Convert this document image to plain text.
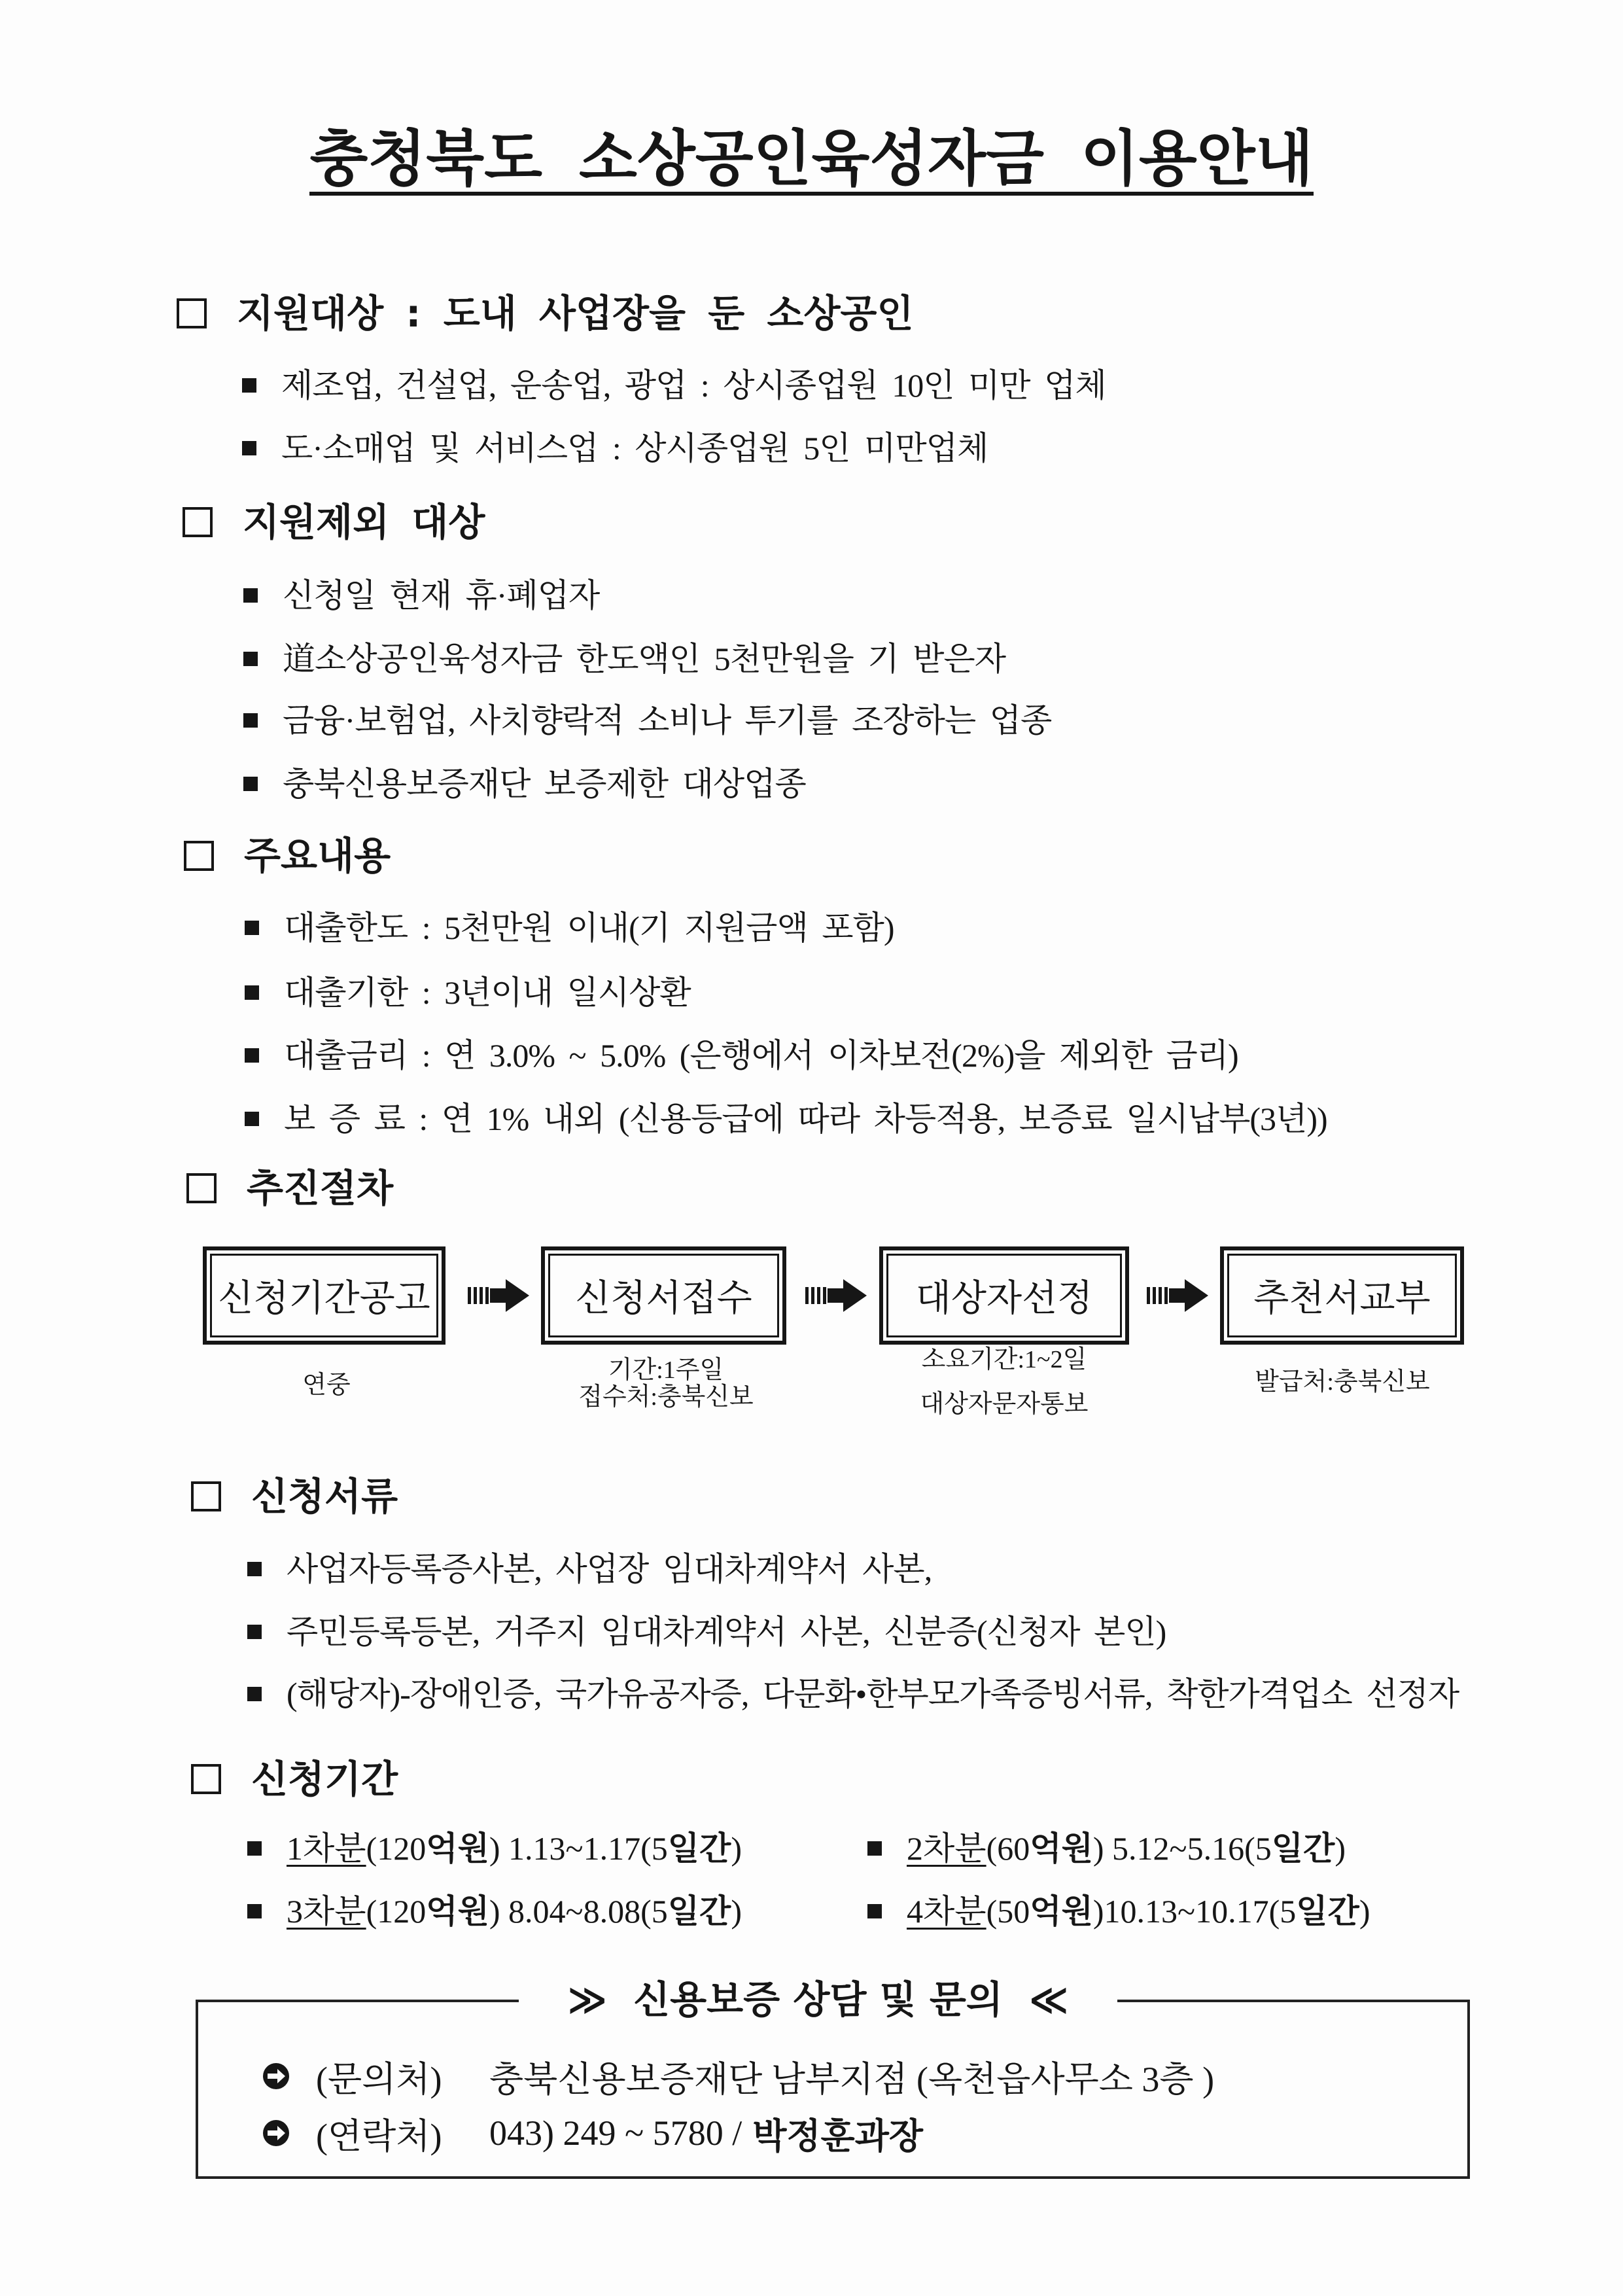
충청북도 소상공인육성자금 이용안내
지원대상 : 도내 사업장을 둔 소상공인
제조업, 건설업, 운송업, 광업 : 상시종업원 10인 미만 업체
도·소매업 및 서비스업 : 상시종업원 5인 미만업체
지원제외 대상
신청일 현재 휴·폐업자
道소상공인육성자금 한도액인 5천만원을 기 받은자
금융·보험업, 사치향락적 소비나 투기를 조장하는 업종
충북신용보증재단 보증제한 대상업종
주요내용
대출한도 : 5천만원 이내(기 지원금액 포함)
대출기한 : 3년이내 일시상환
대출금리 : 연 3.0% ~ 5.0% (은행에서 이차보전(2%)을 제외한 금리)
보 증 료 : 연 1% 내외 (신용등급에 따라 차등적용, 보증료 일시납부(3년))
추진절차
신청기간공고	신청서접수	대상자선정	추천서교부
연중
기간:1주일
접수처:충북신보
소요기간:1~2일
대상자문자통보
발급처:충북신보
신청서류
사업자등록증사본, 사업장 임대차계약서 사본,
주민등록등본, 거주지 임대차계약서 사본, 신분증(신청자 본인)
(해당자)-장애인증, 국가유공자증, 다문화•한부모가족증빙서류, 착한가격업소 선정자
신청기간
1차분(120억원) 1.13~1.17(5일간)	2차분(60억원) 5.12~5.16(5일간)
3차분(120억원) 8.04~8.08(5일간)	4차분(50억원)10.13~10.17(5일간)
≫ 신용보증 상담 및 문의 ≪
(문의처)	충북신용보증재단 남부지점 (옥천읍사무소 3층 )
(연락처)	043) 249 ~ 5780 / 박정훈과장
